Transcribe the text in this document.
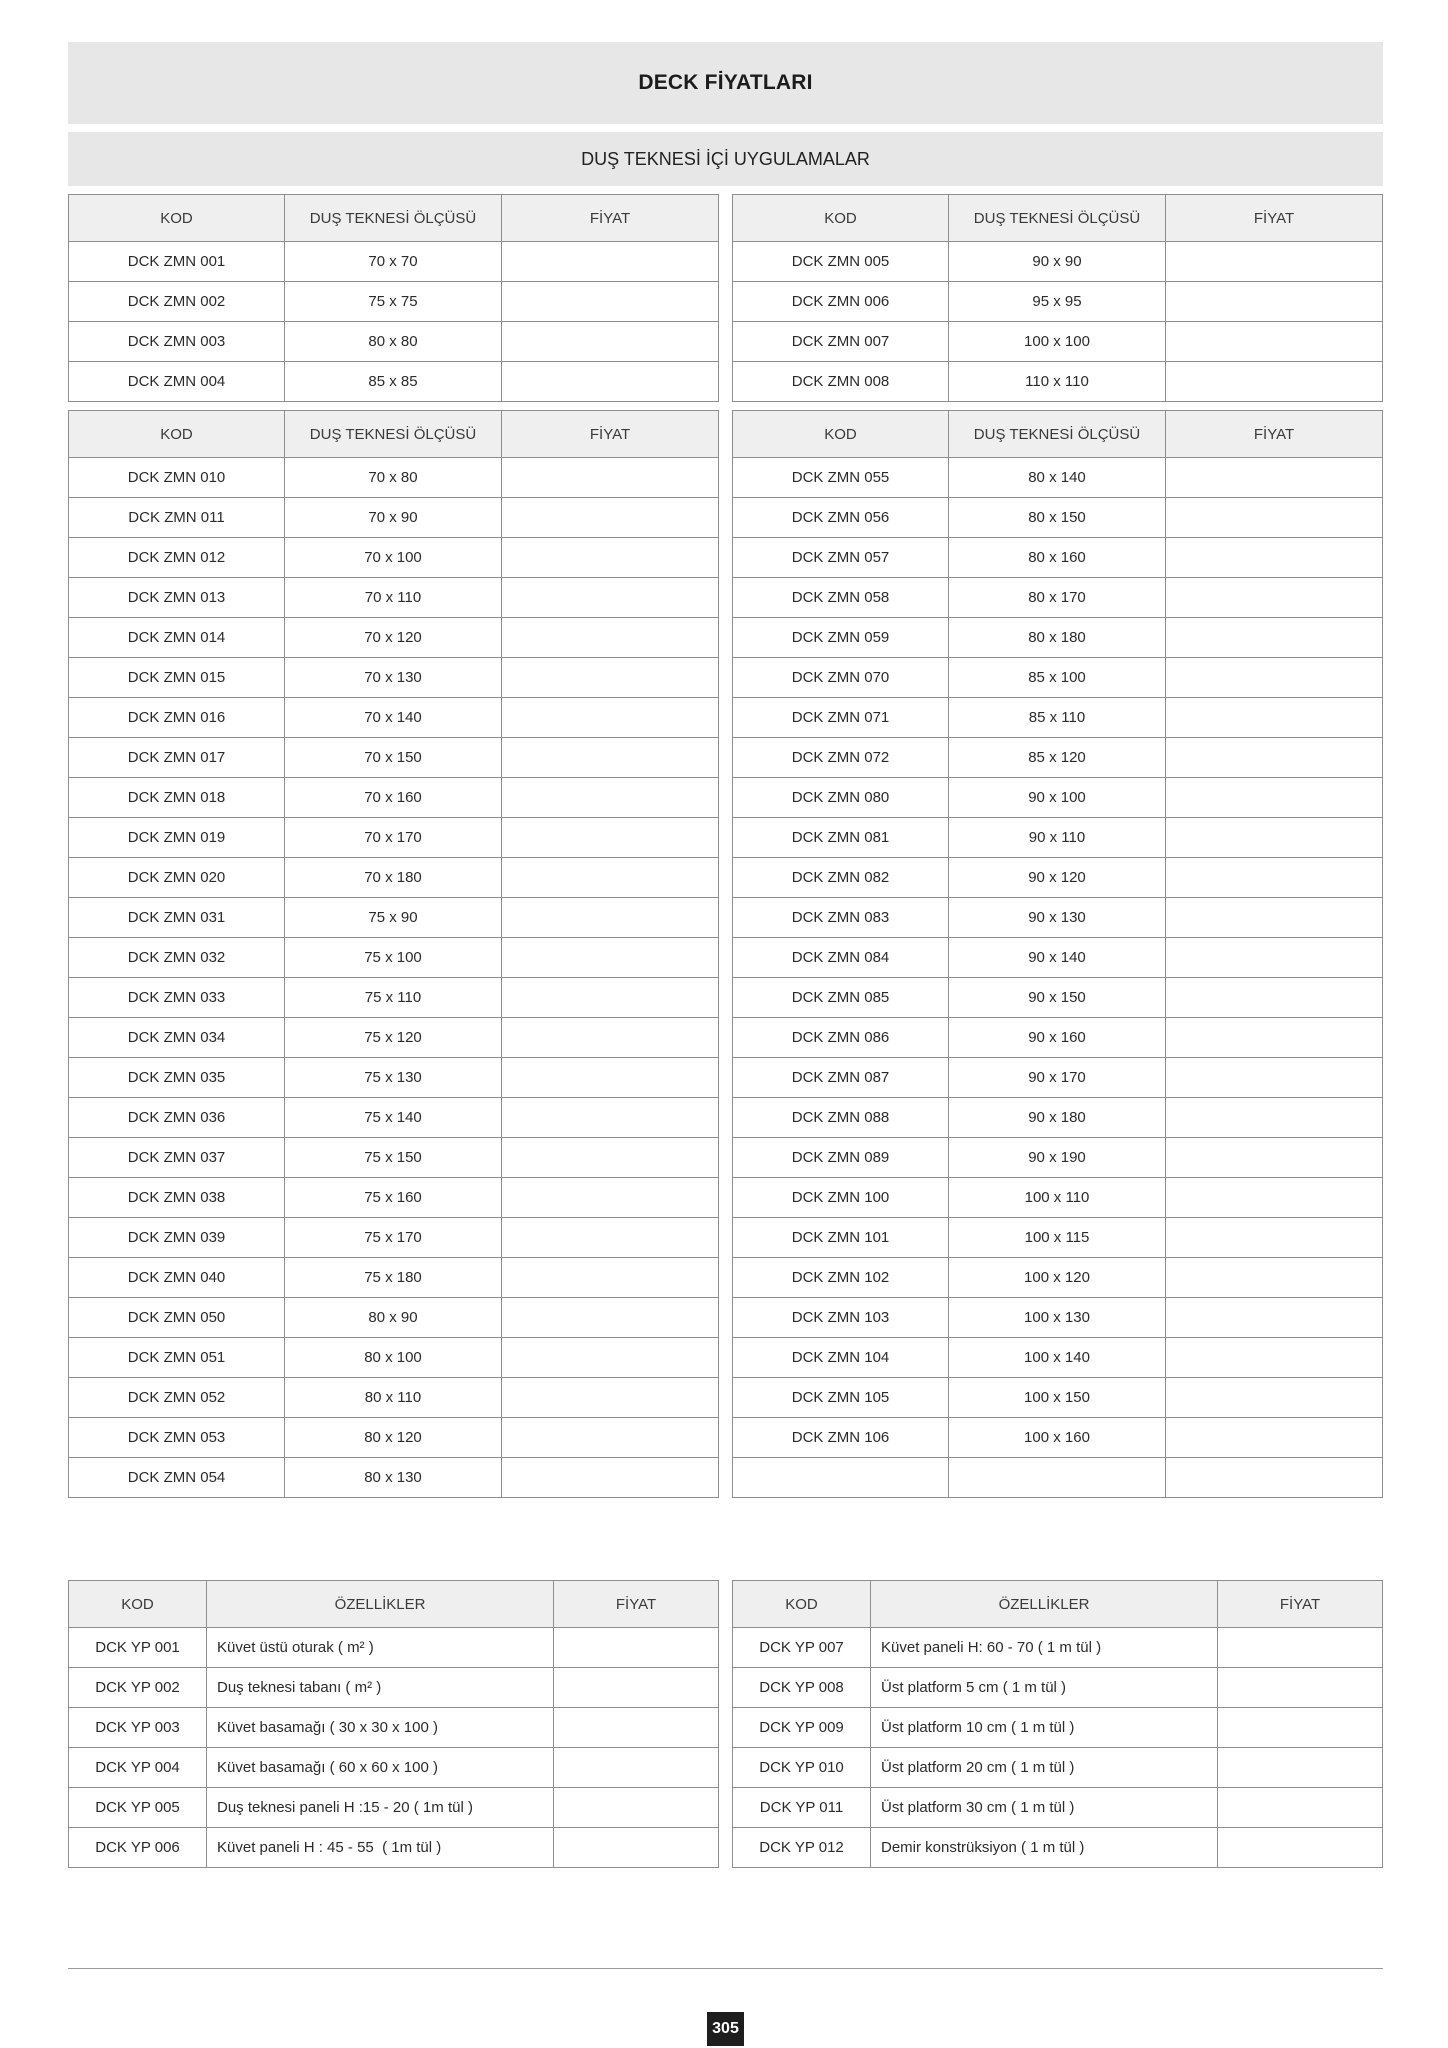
DECK FİYATLARI
DUŞ TEKNESİ İÇİ UYGULAMALAR
KOD	DUŞ TEKNESİ ÖLÇÜSÜ	FİYAT
DCK ZMN 001	70 x 70
DCK ZMN 002	75 x 75
DCK ZMN 003	80 x 80
DCK ZMN 004	85 x 85
KOD	DUŞ TEKNESİ ÖLÇÜSÜ	FİYAT
DCK ZMN 005	90 x 90
DCK ZMN 006	95 x 95
DCK ZMN 007	100 x 100
DCK ZMN 008	110 x 110
KOD	DUŞ TEKNESİ ÖLÇÜSÜ	FİYAT
DCK ZMN 010	70 x 80
DCK ZMN 011	70 x 90
DCK ZMN 012	70 x 100
DCK ZMN 013	70 x 110
DCK ZMN 014	70 x 120
DCK ZMN 015	70 x 130
DCK ZMN 016	70 x 140
DCK ZMN 017	70 x 150
DCK ZMN 018	70 x 160
DCK ZMN 019	70 x 170
DCK ZMN 020	70 x 180
DCK ZMN 031	75 x 90
DCK ZMN 032	75 x 100
DCK ZMN 033	75 x 110
DCK ZMN 034	75 x 120
DCK ZMN 035	75 x 130
DCK ZMN 036	75 x 140
DCK ZMN 037	75 x 150
DCK ZMN 038	75 x 160
DCK ZMN 039	75 x 170
DCK ZMN 040	75 x 180
DCK ZMN 050	80 x 90
DCK ZMN 051	80 x 100
DCK ZMN 052	80 x 110
DCK ZMN 053	80 x 120
DCK ZMN 054	80 x 130
KOD	DUŞ TEKNESİ ÖLÇÜSÜ	FİYAT
DCK ZMN 055	80 x 140
DCK ZMN 056	80 x 150
DCK ZMN 057	80 x 160
DCK ZMN 058	80 x 170
DCK ZMN 059	80 x 180
DCK ZMN 070	85 x 100
DCK ZMN 071	85 x 110
DCK ZMN 072	85 x 120
DCK ZMN 080	90 x 100
DCK ZMN 081	90 x 110
DCK ZMN 082	90 x 120
DCK ZMN 083	90 x 130
DCK ZMN 084	90 x 140
DCK ZMN 085	90 x 150
DCK ZMN 086	90 x 160
DCK ZMN 087	90 x 170
DCK ZMN 088	90 x 180
DCK ZMN 089	90 x 190
DCK ZMN 100	100 x 110
DCK ZMN 101	100 x 115
DCK ZMN 102	100 x 120
DCK ZMN 103	100 x 130
DCK ZMN 104	100 x 140
DCK ZMN 105	100 x 150
DCK ZMN 106	100 x 160
KOD	ÖZELLİKLER	FİYAT
DCK YP 001	Küvet üstü oturak ( m² )
DCK YP 002	Duş teknesi tabanı ( m² )
DCK YP 003	Küvet basamağı ( 30 x 30 x 100 )
DCK YP 004	Küvet basamağı ( 60 x 60 x 100 )
DCK YP 005	Duş teknesi paneli H :15 - 20 ( 1m tül )
DCK YP 006	Küvet paneli H : 45 - 55  ( 1m tül )
KOD	ÖZELLİKLER	FİYAT
DCK YP 007	Küvet paneli H: 60 - 70 ( 1 m tül )
DCK YP 008	Üst platform 5 cm ( 1 m tül )
DCK YP 009	Üst platform 10 cm ( 1 m tül )
DCK YP 010	Üst platform 20 cm ( 1 m tül )
DCK YP 011	Üst platform 30 cm ( 1 m tül )
DCK YP 012	Demir konstrüksiyon ( 1 m tül )
305
